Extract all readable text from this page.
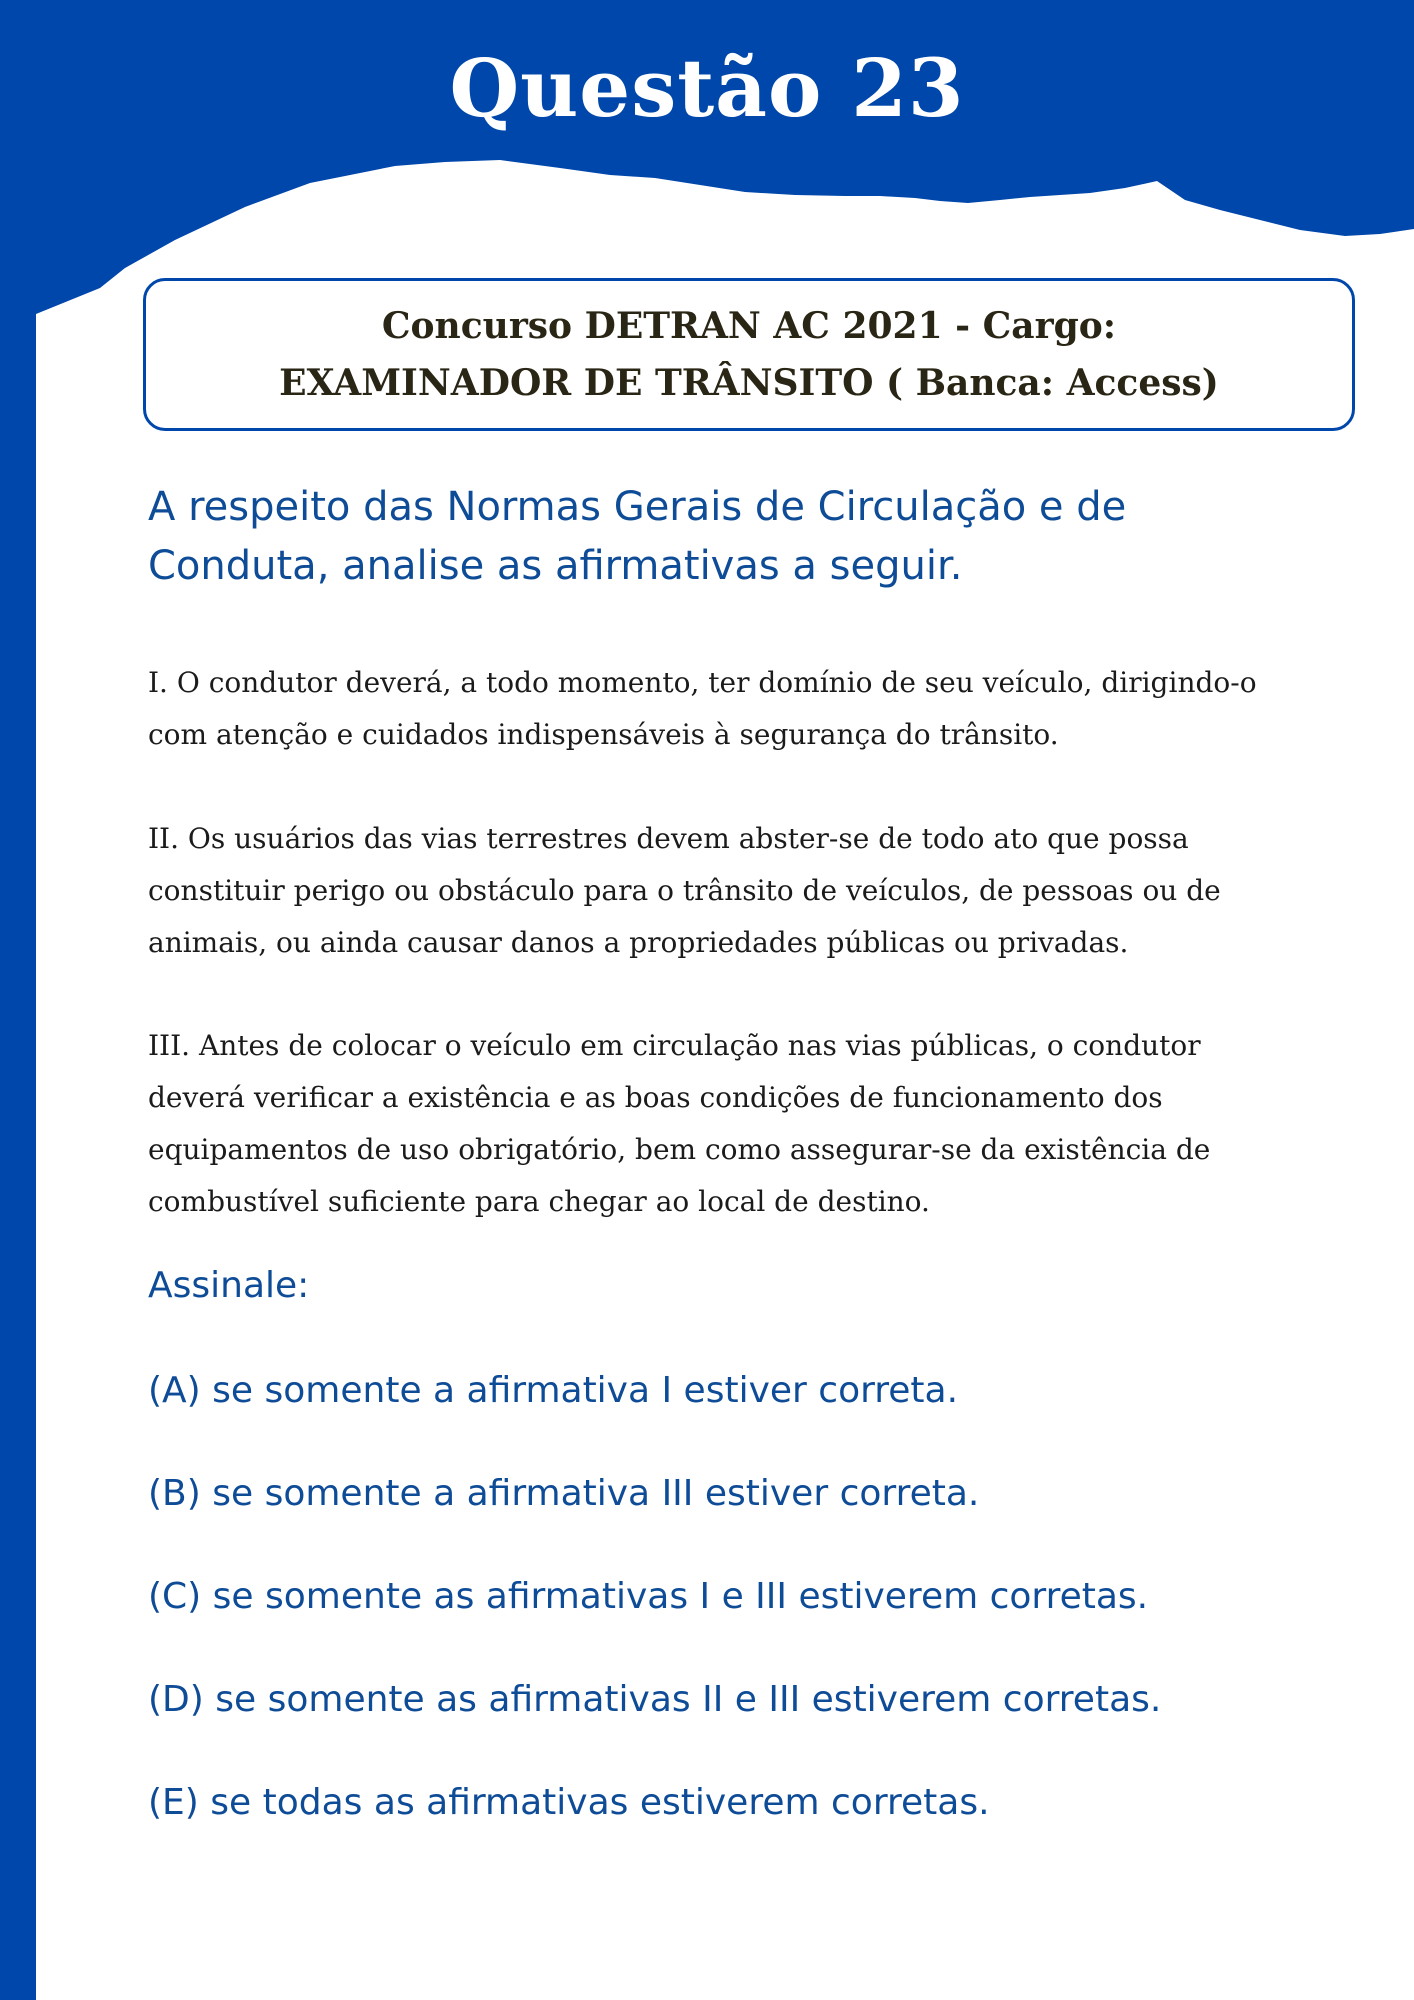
Questão 23

Concurso DETRAN AC 2021 - Cargo:
EXAMINADOR DE TRÂNSITO ( Banca: Access)

A respeito das Normas Gerais de Circulação e de
Conduta, analise as afirmativas a seguir.

I. O condutor deverá, a todo momento, ter domínio de seu veículo, dirigindo-o
com atenção e cuidados indispensáveis à segurança do trânsito.

II. Os usuários das vias terrestres devem abster-se de todo ato que possa
constituir perigo ou obstáculo para o trânsito de veículos, de pessoas ou de
animais, ou ainda causar danos a propriedades públicas ou privadas.

III. Antes de colocar o veículo em circulação nas vias públicas, o condutor
deverá verificar a existência e as boas condições de funcionamento dos
equipamentos de uso obrigatório, bem como assegurar-se da existência de
combustível suficiente para chegar ao local de destino.

Assinale:

(A) se somente a afirmativa I estiver correta.

(B) se somente a afirmativa III estiver correta.

(C) se somente as afirmativas I e III estiverem corretas.

(D) se somente as afirmativas II e III estiverem corretas.

(E) se todas as afirmativas estiverem corretas.
